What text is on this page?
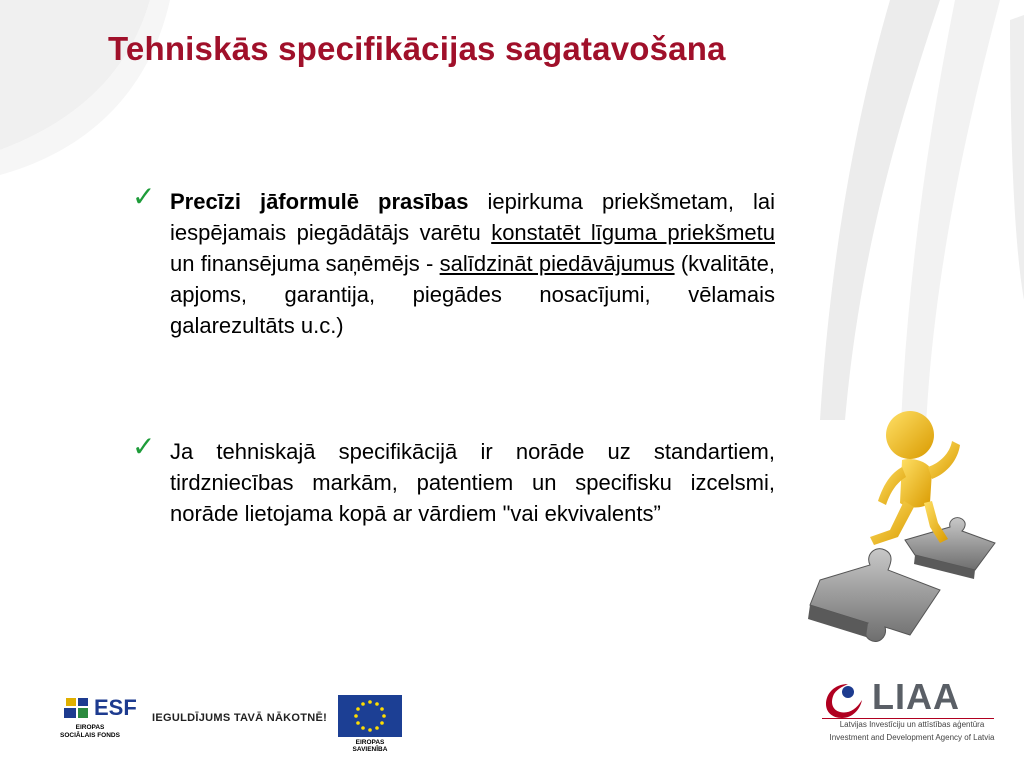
Tehniskās specifikācijas sagatavošana
✓ Precīzi jāformulē prasības iepirkuma priekšmetam, lai iespējamais piegādātājs varētu konstatēt līguma priekšmetu un finansējuma saņēmējs - salīdzināt piedāvājumus (kvalitāte, apjoms, garantija, piegādes nosacījumi, vēlamais galarezultāts u.c.)
✓ Ja tehniskajā specifikācijā ir norāde uz standartiem, tirdzniecības markām, patentiem un specifisku izcelsmi, norāde lietojama kopā ar vārdiem "vai ekvivalents”
ESF
EIROPAS SOCIĀLAIS FONDS
IEGULDĪJUMS TAVĀ NĀKOTNĒ!
EIROPAS SAVIENĪBA
LIAA
Latvijas Investīciju un attīstības aģentūra
Investment and Development Agency of Latvia
